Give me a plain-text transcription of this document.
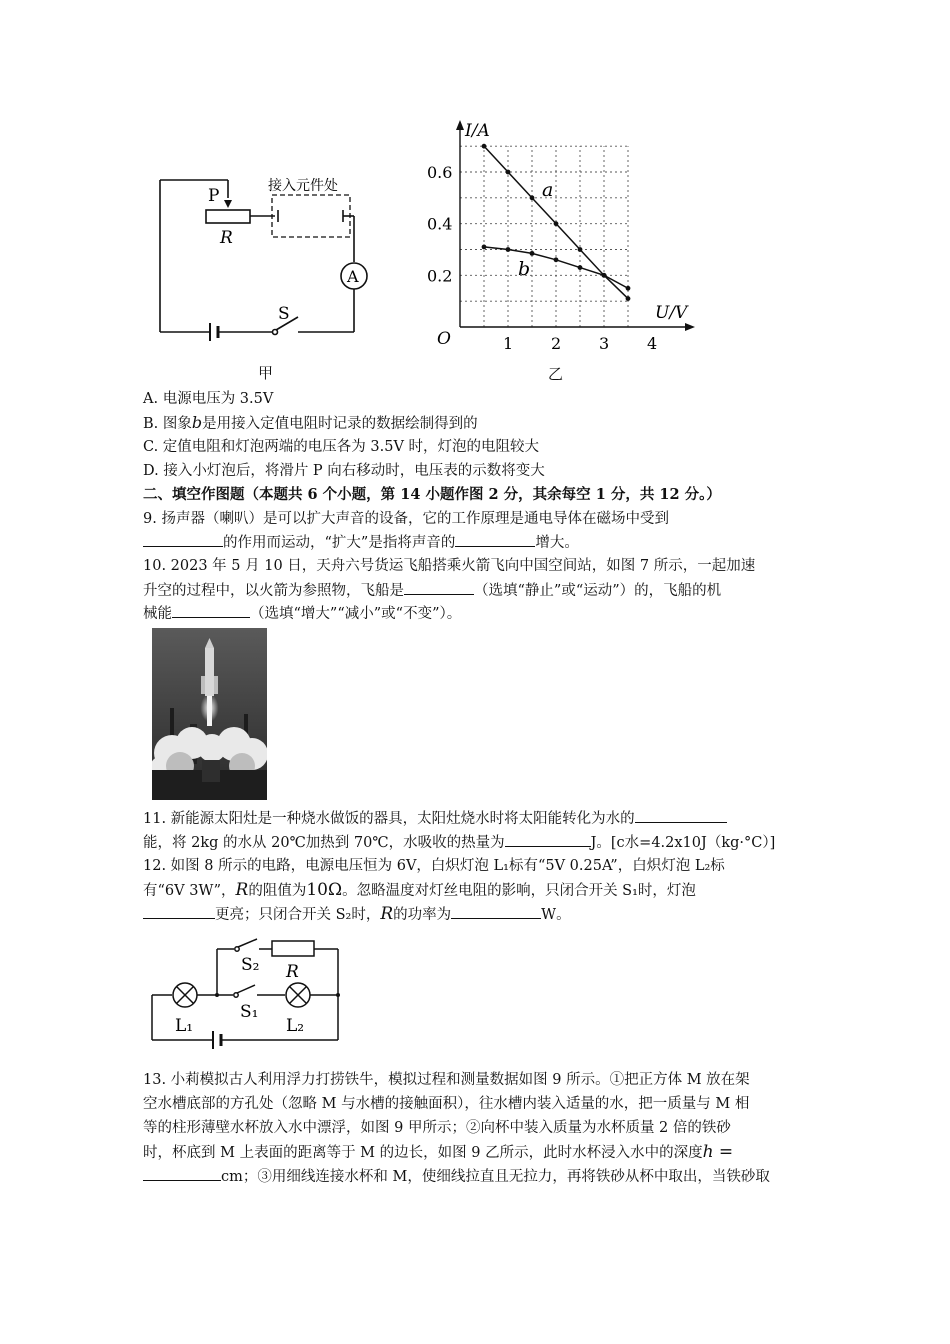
P
R
接入元件处
A
S
甲
I/A
U/V
O
0.6
0.4
0.2
1 2 3 4
a
b
乙
A. 电源电压为 3.5V
B. 图象b是用接入定值电阻时记录的数据绘制得到的
C. 定值电阻和灯泡两端的电压各为 3.5V 时，灯泡的电阻较大
D. 接入小灯泡后，将滑片 P 向右移动时，电压表的示数将变大
二、填空作图题（本题共 6 个小题，第 14 小题作图 2 分，其余每空 1 分，共 12 分。）
9. 扬声器（喇叭）是可以扩大声音的设备，它的工作原理是通电导体在磁场中受到
的作用而运动，“扩大”是指将声音的	增大。
10. 2023 年 5 月 10 日，天舟六号货运飞船搭乘火箭飞向中国空间站，如图 7 所示，一起加速
升空的过程中，以火箭为参照物，飞船是	（选填“静止”或“运动”）的，飞船的机
械能	（选填“增大”“减小”或“不变”）。
11. 新能源太阳灶是一种烧水做饭的器具，太阳灶烧水时将太阳能转化为水的
能，将 2kg 的水从 20℃加热到 70℃，水吸收的热量为	J。[c水=4.2x10J（kg·°C）]
12. 如图 8 所示的电路，电源电压恒为 6V，白炽灯泡 L₁标有“5V 0.25A”，白炽灯泡 L₂标
有“6V 3W”，R的阻值为10Ω。忽略温度对灯丝电阻的影响，只闭合开关 S₁时，灯泡
更亮；只闭合开关 S₂时，R的功率为	W。
S₂ R
S₁
L₁	L₂
13. 小莉模拟古人利用浮力打捞铁牛，模拟过程和测量数据如图 9 所示。①把正方体 M 放在架
空水槽底部的方孔处（忽略 M 与水槽的接触面积），往水槽内装入适量的水，把一质量与 M 相
等的柱形薄壁水杯放入水中漂浮，如图 9 甲所示；②向杯中装入质量为水杯质量 2 倍的铁砂
时，杯底到 M 上表面的距离等于 M 的边长，如图 9 乙所示，此时水杯浸入水中的深度h =
cm；③用细线连接水杯和 M，使细线拉直且无拉力，再将铁砂从杯中取出，当铁砂取
